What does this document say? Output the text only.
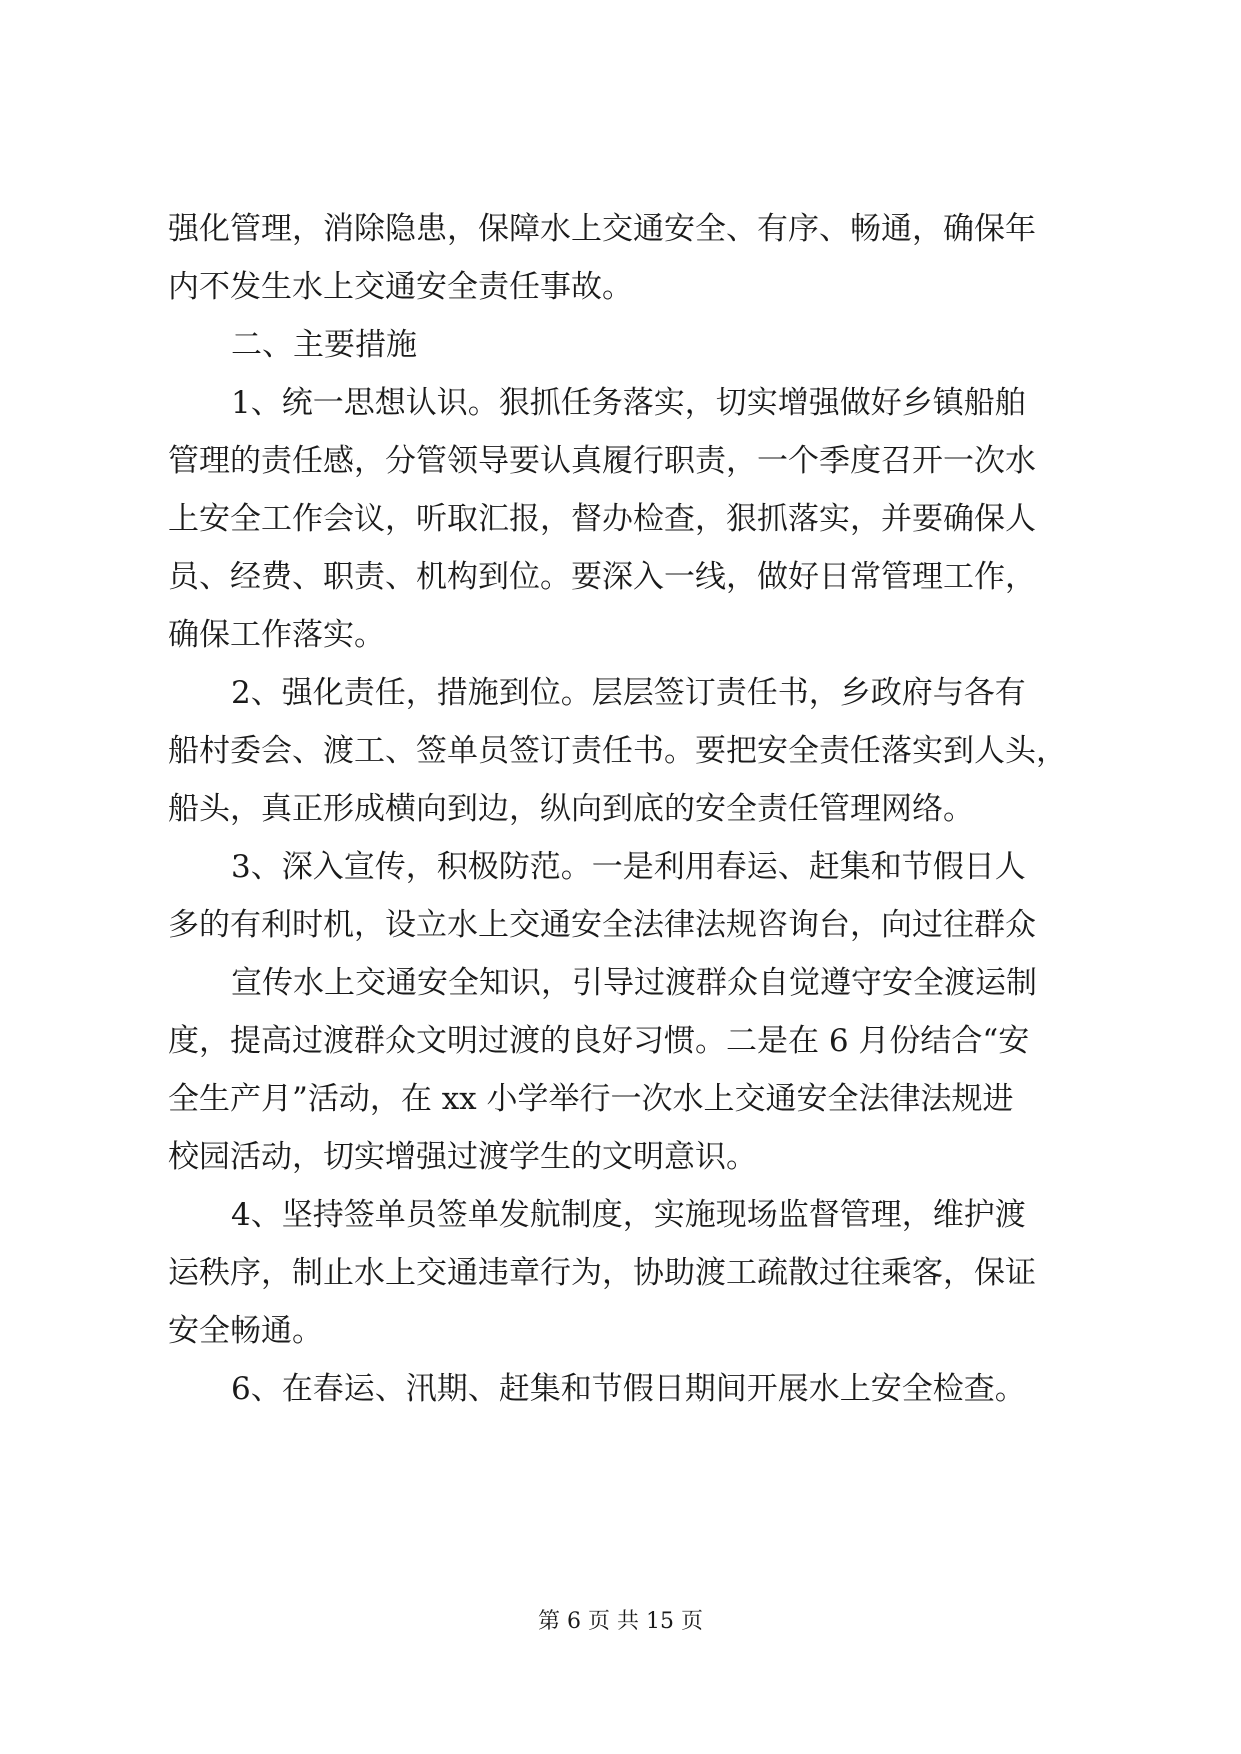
强化管理，消除隐患，保障水上交通安全、有序、畅通，确保年
内不发生水上交通安全责任事故。
二、主要措施
1、统一思想认识。狠抓任务落实，切实增强做好乡镇船舶
管理的责任感，分管领导要认真履行职责，一个季度召开一次水
上安全工作会议，听取汇报，督办检查，狠抓落实，并要确保人
员、经费、职责、机构到位。要深入一线，做好日常管理工作，
确保工作落实。
2、强化责任，措施到位。层层签订责任书，乡政府与各有
船村委会、渡工、签单员签订责任书。要把安全责任落实到人头，
船头，真正形成横向到边，纵向到底的安全责任管理网络。
3、深入宣传，积极防范。一是利用春运、赶集和节假日人
多的有利时机，设立水上交通安全法律法规咨询台，向过往群众
宣传水上交通安全知识，引导过渡群众自觉遵守安全渡运制
度，提高过渡群众文明过渡的良好习惯。二是在 6 月份结合“安
全生产月”活动，在 xx 小学举行一次水上交通安全法律法规进
校园活动，切实增强过渡学生的文明意识。
4、坚持签单员签单发航制度，实施现场监督管理，维护渡
运秩序，制止水上交通违章行为，协助渡工疏散过往乘客，保证
安全畅通。
6、在春运、汛期、赶集和节假日期间开展水上安全检查。
第 6 页 共 15 页
